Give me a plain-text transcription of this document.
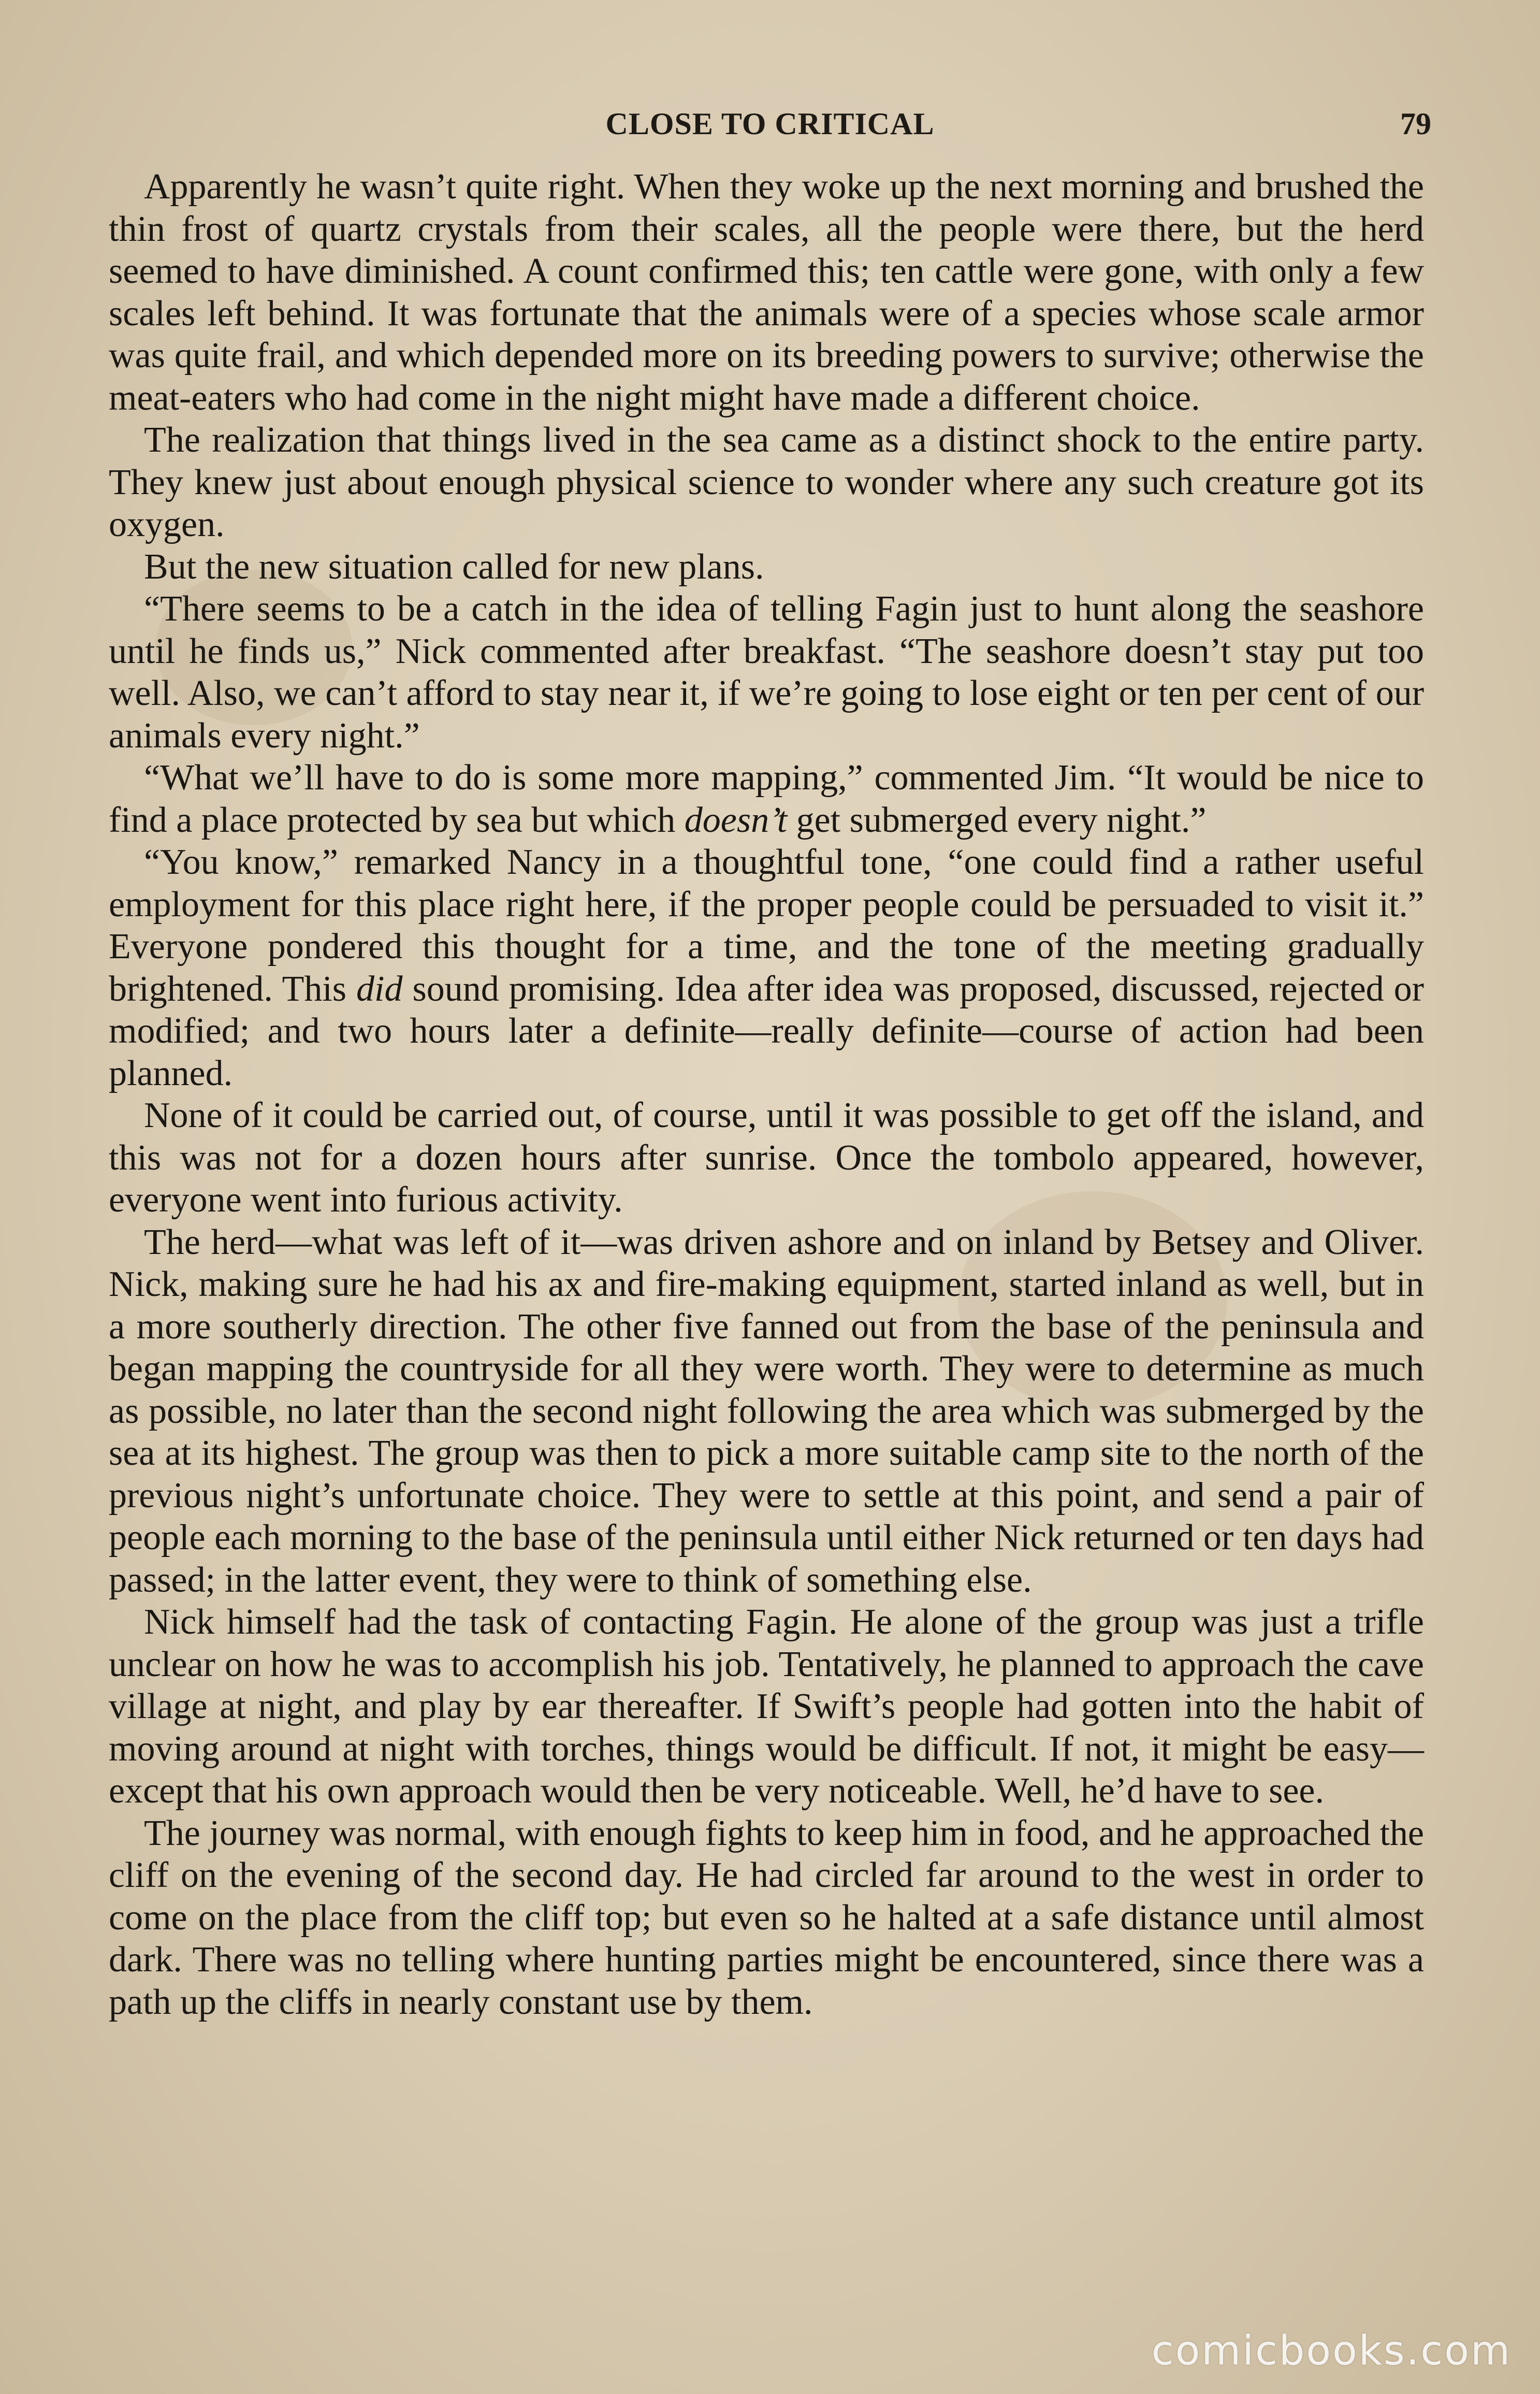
CLOSE TO CRITICAL	79

Apparently he wasn’t quite right. When they woke up the next morning and brushed the thin frost of quartz crystals from their scales, all the people were there, but the herd seemed to have diminished. A count confirmed this; ten cattle were gone, with only a few scales left behind. It was fortunate that the animals were of a species whose scale armor was quite frail, and which depended more on its breeding powers to survive; otherwise the meat-eaters who had come in the night might have made a different choice.

The realization that things lived in the sea came as a distinct shock to the entire party. They knew just about enough physical science to wonder where any such creature got its oxygen.

But the new situation called for new plans.

“There seems to be a catch in the idea of telling Fagin just to hunt along the seashore until he finds us,” Nick commented after breakfast. “The seashore doesn’t stay put too well. Also, we can’t afford to stay near it, if we’re going to lose eight or ten per cent of our animals every night.”

“What we’ll have to do is some more mapping,” commented Jim. “It would be nice to find a place protected by sea but which doesn’t get submerged every night.”

“You know,” remarked Nancy in a thoughtful tone, “one could find a rather useful employment for this place right here, if the proper people could be persuaded to visit it.” Everyone pondered this thought for a time, and the tone of the meeting gradually brightened. This did sound promising. Idea after idea was proposed, discussed, rejected or modified; and two hours later a definite—really definite—course of action had been planned.

None of it could be carried out, of course, until it was possible to get off the island, and this was not for a dozen hours after sunrise. Once the tombolo appeared, however, everyone went into furious activity.

The herd—what was left of it—was driven ashore and on inland by Betsey and Oliver. Nick, making sure he had his ax and fire-making equipment, started inland as well, but in a more southerly direction. The other five fanned out from the base of the peninsula and began mapping the countryside for all they were worth. They were to determine as much as possible, no later than the second night following the area which was submerged by the sea at its highest. The group was then to pick a more suitable camp site to the north of the previous night’s unfortunate choice. They were to settle at this point, and send a pair of people each morning to the base of the peninsula until either Nick returned or ten days had passed; in the latter event, they were to think of something else.

Nick himself had the task of contacting Fagin. He alone of the group was just a trifle unclear on how he was to accomplish his job. Tentatively, he planned to approach the cave village at night, and play by ear thereafter. If Swift’s people had gotten into the habit of moving around at night with torches, things would be difficult. If not, it might be easy—except that his own approach would then be very noticeable. Well, he’d have to see.

The journey was normal, with enough fights to keep him in food, and he approached the cliff on the evening of the second day. He had circled far around to the west in order to come on the place from the cliff top; but even so he halted at a safe distance until almost dark. There was no telling where hunting parties might be encountered, since there was a path up the cliffs in nearly constant use by them.

comicbooks.com
